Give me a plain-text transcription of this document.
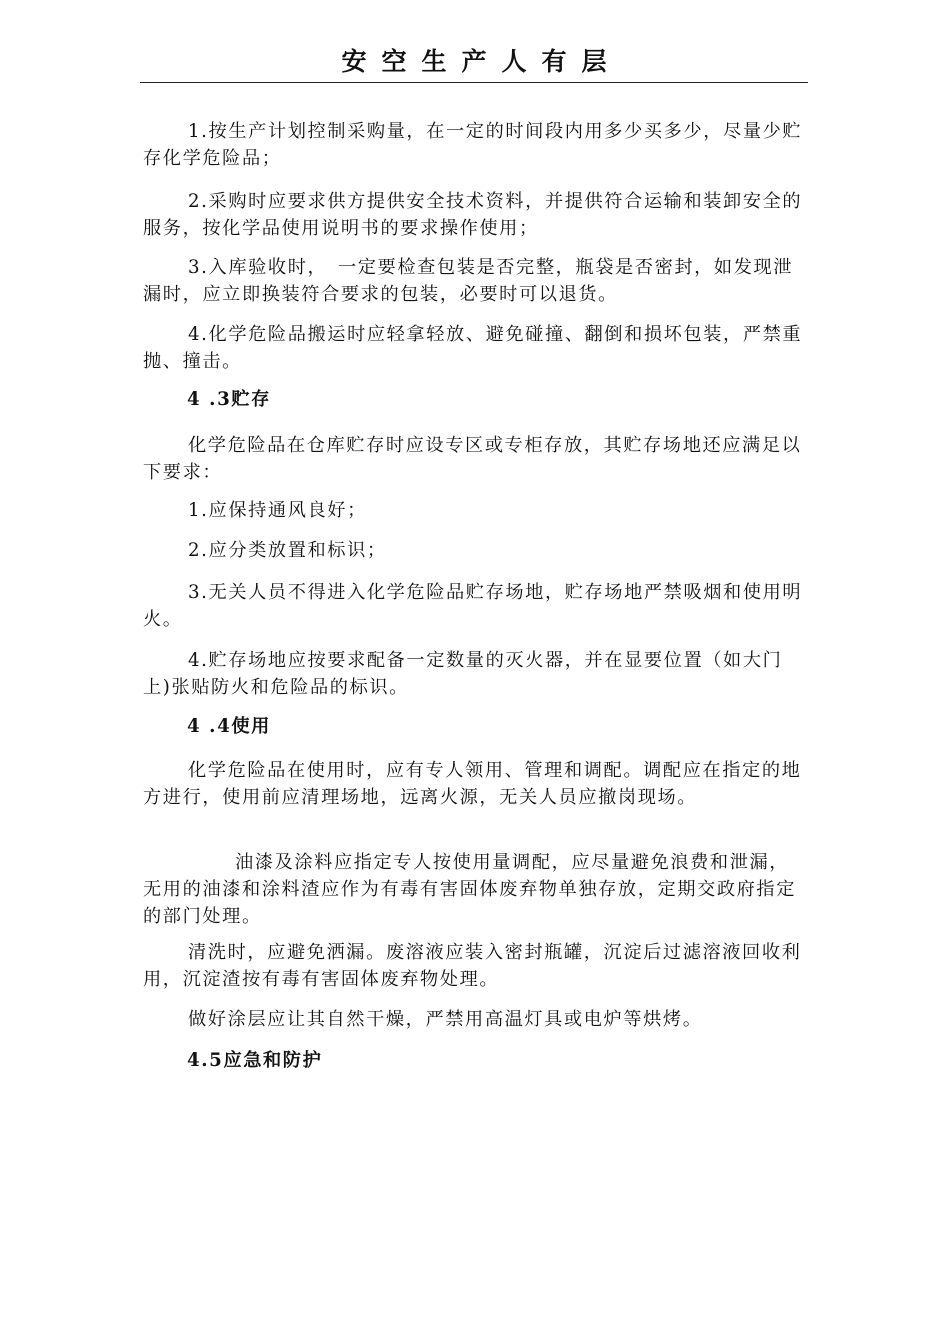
安空生产人有层

1.按生产计划控制采购量，在一定的时间段内用多少买多少，尽量少贮存化学危险品；

2.采购时应要求供方提供安全技术资料，并提供符合运输和装卸安全的服务，按化学品使用说明书的要求操作使用；

3.入库验收时，　一定要检查包装是否完整，瓶袋是否密封，如发现泄漏时，应立即换装符合要求的包装，必要时可以退货。

4.化学危险品搬运时应轻拿轻放、避免碰撞、翻倒和损坏包装，严禁重抛、撞击。

4 .3贮存

化学危险品在仓库贮存时应设专区或专柜存放，其贮存场地还应满足以下要求：

1.应保持通风良好；

2.应分类放置和标识；

3.无关人员不得进入化学危险品贮存场地，贮存场地严禁吸烟和使用明火。

4.贮存场地应按要求配备一定数量的灭火器，并在显要位置（如大门上)张贴防火和危险品的标识。

4 .4使用

化学危险品在使用时，应有专人领用、管理和调配。调配应在指定的地方进行，使用前应清理场地，远离火源，无关人员应撤岗现场。

油漆及涂料应指定专人按使用量调配，应尽量避免浪费和泄漏，无用的油漆和涂料渣应作为有毒有害固体废弃物单独存放，定期交政府指定的部门处理。

清洗时，应避免洒漏。废溶液应装入密封瓶罐，沉淀后过滤溶液回收利用，沉淀渣按有毒有害固体废弃物处理。

做好涂层应让其自然干燥，严禁用高温灯具或电炉等烘烤。

4.5应急和防护
